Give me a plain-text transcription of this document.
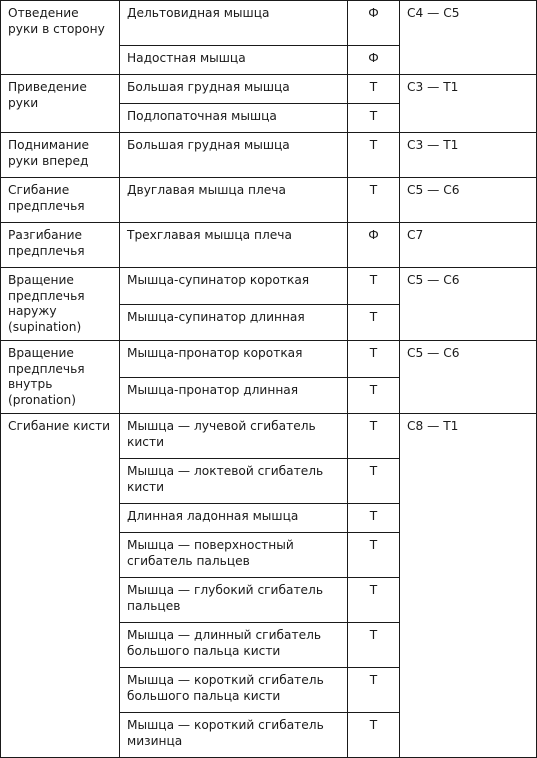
Отведение руки в сторону	Дельтовидная мышца	Ф	C4 — C5
	Надостная мышца	Ф	
Приведение руки	Большая грудная мышца	Т	C3 — T1
	Подлопаточная мышца	Т	
Поднимание руки вперед	Большая грудная мышца	Т	C3 — T1
Сгибание предплечья	Двуглавая мышца плеча	Т	C5 — C6
Разгибание предплечья	Трехглавая мышца плеча	Ф	C7
Вращение предплечья наружу (supination)	Мышца-супинатор короткая	Т	C5 — C6
	Мышца-супинатор длинная	Т	
Вращение предплечья внутрь (pronation)	Мышца-пронатор короткая	Т	C5 — C6
	Мышца-пронатор длинная	Т	
Сгибание кисти	Мышца — лучевой сгибатель кисти	Т	C8 — T1
	Мышца — локтевой сгибатель кисти	Т	
	Длинная ладонная мышца	Т	
	Мышца — поверхностный сгибатель пальцев	Т	
	Мышца — глубокий сгибатель пальцев	Т	
	Мышца — длинный сгибатель большого пальца кисти	Т	
	Мышца — короткий сгибатель большого пальца кисти	Т	
	Мышца — короткий сгибатель мизинца	Т	
